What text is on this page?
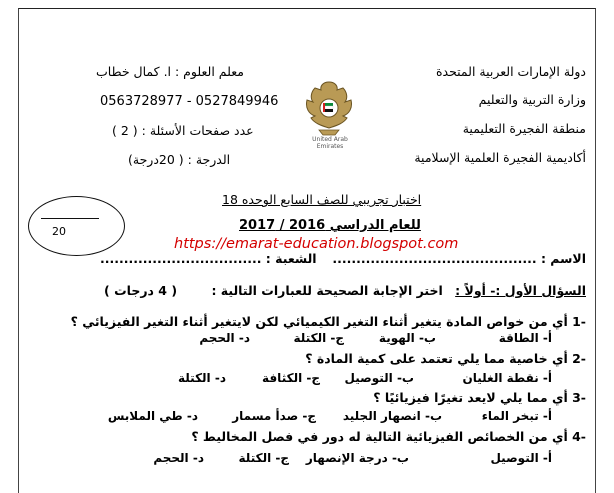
دولة الإمارات العربية المتحدة
وزارة التربية والتعليم
منطقة الفجيرة التعليمية
أكاديمية الفجيرة العلمية الإسلامية
معلم العلوم : ا. كمال خطاب
0563728977 - 0527849946
عدد صفحات الأسئلة : ( 2 )
الدرجة : ( 20درجة)
United Arab Emirates
20
اختبار تجريبي للصف السابع الوحده 18
للعام الدراسي 2016 / 2017
https://emarat-education.blogspot.com
الاسم : ...........................................
الشعبة : ..................................
السؤال الأول :- أولاً : اختر الإجابة الصحيحة للعبارات التالية :
( 4 درجات )
-1 أي من خواص المادة يتغير أثناء التغير الكيميائي لكن لايتغير أثناء التغير الفيزيائي ؟
أ- الطاقة
ب- الهوية
ج- الكتلة
د- الحجم
-2 أي خاصية مما يلي تعتمد على كمية المادة ؟
أ- نقطة الغليان
ب- التوصيل
ج- الكثافة
د- الكتلة
-3 أي مما يلي لايعد تغيرًا فيزيائيًا ؟
أ- تبخر الماء
ب- انصهار الجليد
ج- صدأ مسمار
د- طي الملابس
-4 أي من الخصائص الفيزيائية التالية له دور في فصل المخاليط ؟
أ- التوصيل
ب- درجة الإنصهار
ج- الكتلة
د- الحجم
